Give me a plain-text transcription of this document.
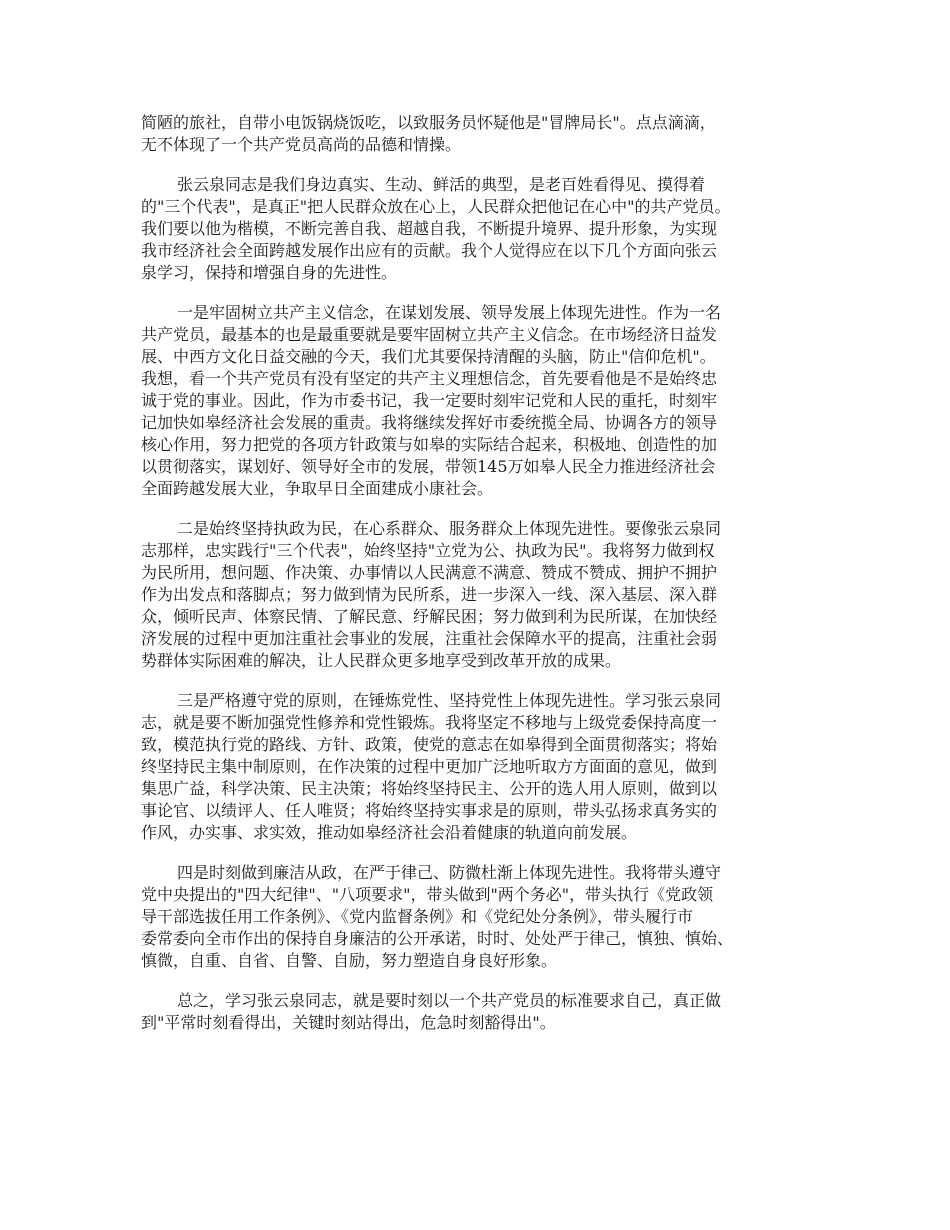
简陋的旅社，自带小电饭锅烧饭吃，以致服务员怀疑他是"冒牌局长"。点点滴滴，
无不体现了一个共产党员高尚的品德和情操。
张云泉同志是我们身边真实、生动、鲜活的典型，是老百姓看得见、摸得着
的"三个代表"，是真正"把人民群众放在心上，人民群众把他记在心中"的共产党员。
我们要以他为楷模，不断完善自我、超越自我，不断提升境界、提升形象，为实现
我市经济社会全面跨越发展作出应有的贡献。我个人觉得应在以下几个方面向张云
泉学习，保持和增强自身的先进性。
一是牢固树立共产主义信念，在谋划发展、领导发展上体现先进性。作为一名
共产党员，最基本的也是最重要就是要牢固树立共产主义信念。在市场经济日益发
展、中西方文化日益交融的今天，我们尤其要保持清醒的头脑，防止"信仰危机"。
我想，看一个共产党员有没有坚定的共产主义理想信念，首先要看他是不是始终忠
诚于党的事业。因此，作为市委书记，我一定要时刻牢记党和人民的重托，时刻牢
记加快如皋经济社会发展的重责。我将继续发挥好市委统揽全局、协调各方的领导
核心作用，努力把党的各项方针政策与如皋的实际结合起来，积极地、创造性的加
以贯彻落实，谋划好、领导好全市的发展，带领145万如皋人民全力推进经济社会
全面跨越发展大业，争取早日全面建成小康社会。
二是始终坚持执政为民，在心系群众、服务群众上体现先进性。要像张云泉同
志那样，忠实践行"三个代表"，始终坚持"立党为公、执政为民"。我将努力做到权
为民所用，想问题、作决策、办事情以人民满意不满意、赞成不赞成、拥护不拥护
作为出发点和落脚点；努力做到情为民所系，进一步深入一线、深入基层、深入群
众，倾听民声、体察民情、了解民意、纾解民困；努力做到利为民所谋，在加快经
济发展的过程中更加注重社会事业的发展，注重社会保障水平的提高，注重社会弱
势群体实际困难的解决，让人民群众更多地享受到改革开放的成果。
三是严格遵守党的原则，在锤炼党性、坚持党性上体现先进性。学习张云泉同
志，就是要不断加强党性修养和党性锻炼。我将坚定不移地与上级党委保持高度一
致，模范执行党的路线、方针、政策，使党的意志在如皋得到全面贯彻落实；将始
终坚持民主集中制原则，在作决策的过程中更加广泛地听取方方面面的意见，做到
集思广益，科学决策、民主决策；将始终坚持民主、公开的选人用人原则，做到以
事论官、以绩评人、任人唯贤；将始终坚持实事求是的原则，带头弘扬求真务实的
作风，办实事、求实效，推动如皋经济社会沿着健康的轨道向前发展。
四是时刻做到廉洁从政，在严于律己、防微杜渐上体现先进性。我将带头遵守
党中央提出的"四大纪律"、"八项要求"，带头做到"两个务必"，带头执行《党政领
导干部选拔任用工作条例》、《党内监督条例》和《党纪处分条例》，带头履行市
委常委向全市作出的保持自身廉洁的公开承诺，时时、处处严于律己，慎独、慎始、
慎微，自重、自省、自警、自励，努力塑造自身良好形象。
总之，学习张云泉同志，就是要时刻以一个共产党员的标准要求自己，真正做
到"平常时刻看得出，关键时刻站得出，危急时刻豁得出"。
